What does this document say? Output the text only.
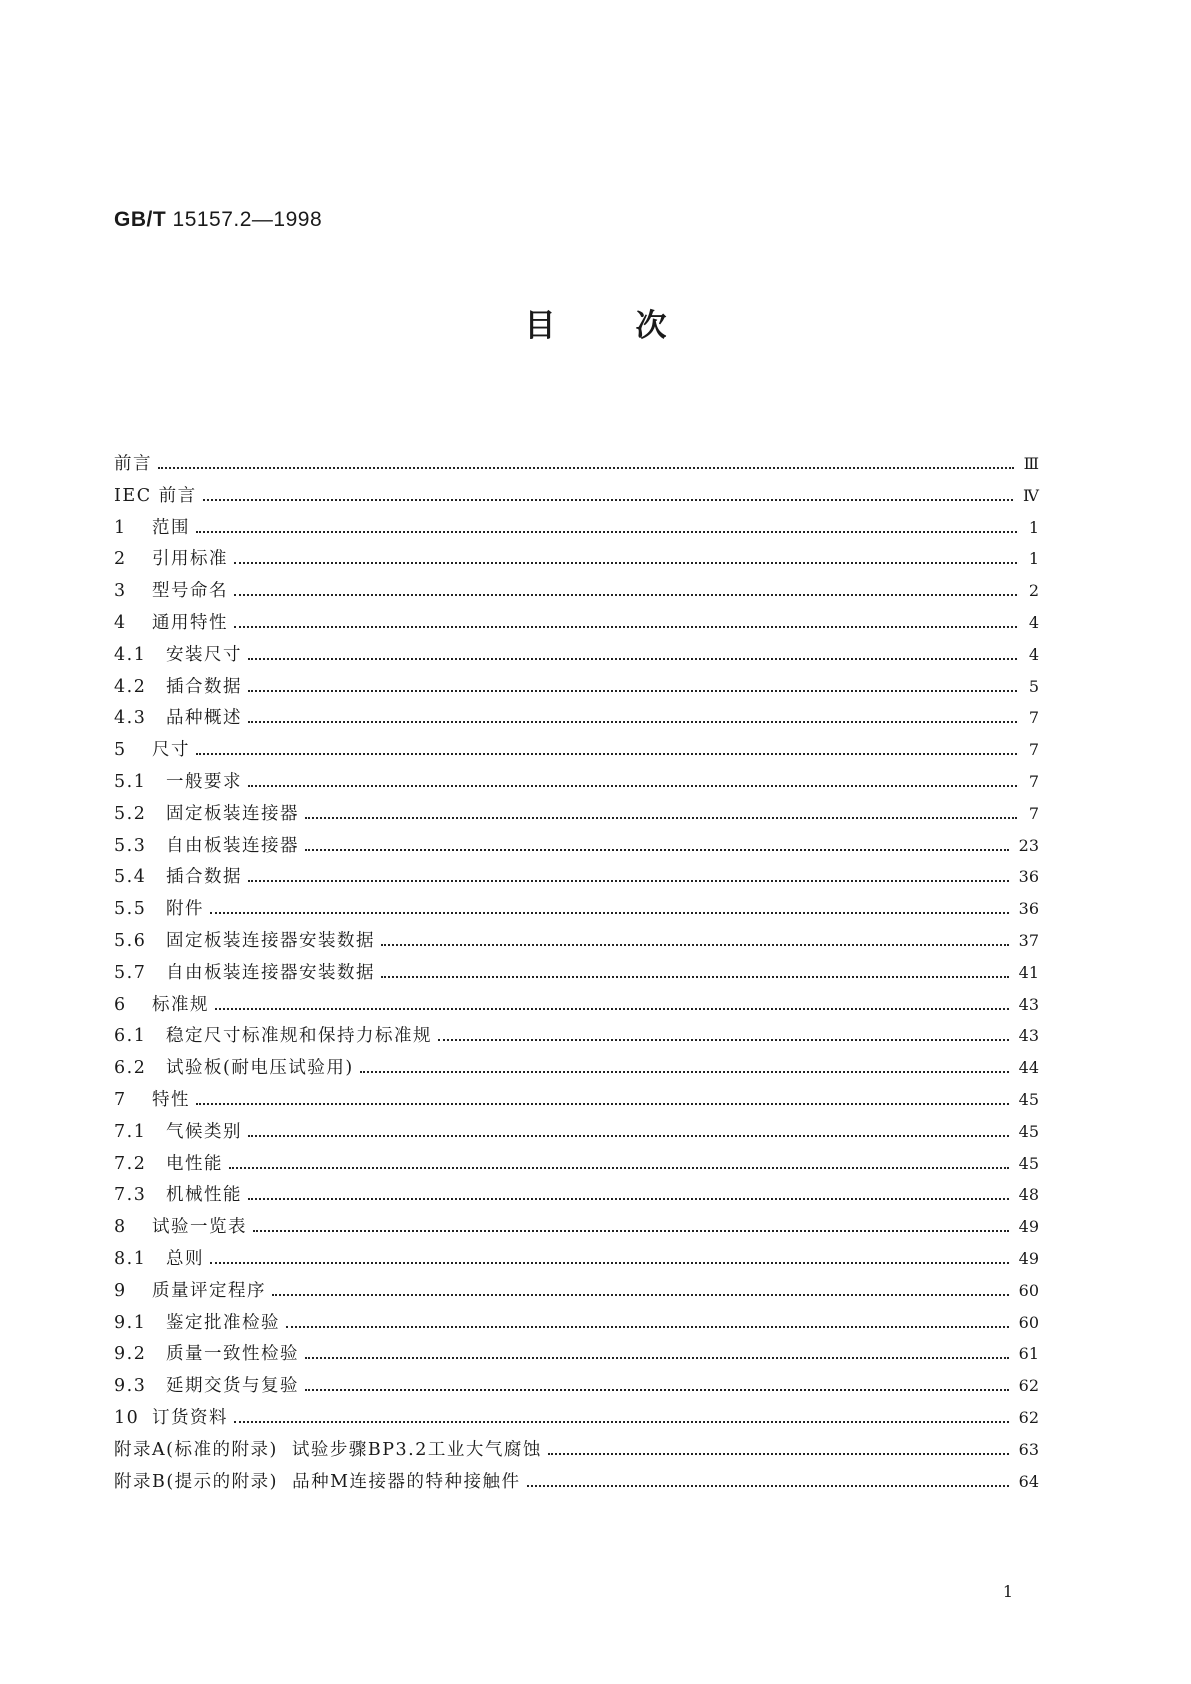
GB/T 15157.2—1998
目次
前言	Ⅲ
IEC 前言	Ⅳ
1 范围	1
2 引用标准	1
3 型号命名	2
4 通用特性	4
4.1 安装尺寸	4
4.2 插合数据	5
4.3 品种概述	7
5 尺寸	7
5.1 一般要求	7
5.2 固定板装连接器	7
5.3 自由板装连接器	23
5.4 插合数据	36
5.5 附件	36
5.6 固定板装连接器安装数据	37
5.7 自由板装连接器安装数据	41
6 标准规	43
6.1 稳定尺寸标准规和保持力标准规	43
6.2 试验板(耐电压试验用)	44
7 特性	45
7.1 气候类别	45
7.2 电性能	45
7.3 机械性能	48
8 试验一览表	49
8.1 总则	49
9 质量评定程序	60
9.1 鉴定批准检验	60
9.2 质量一致性检验	61
9.3 延期交货与复验	62
10 订货资料	62
附录A(标准的附录)  试验步骤BP3.2工业大气腐蚀	63
附录B(提示的附录)  品种M连接器的特种接触件	64
1
